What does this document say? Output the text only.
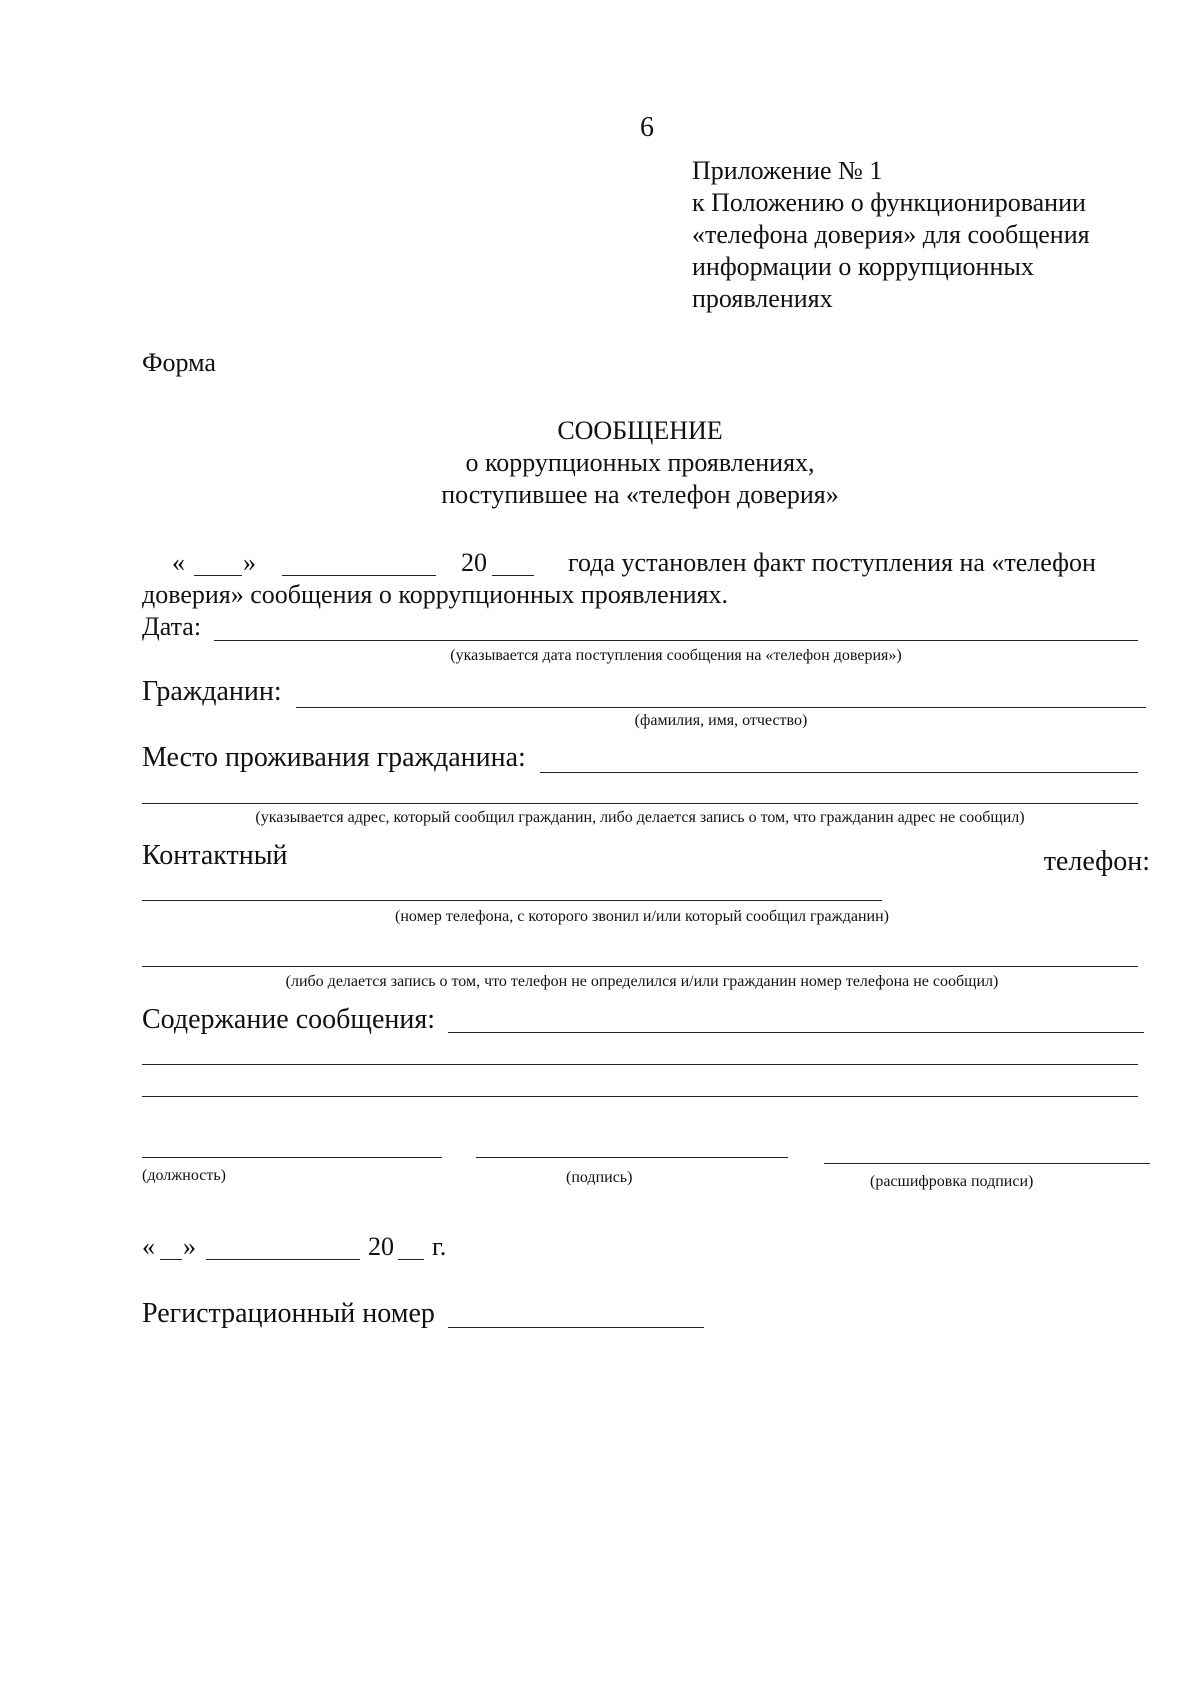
6
Приложение № 1
к Положению о функционировании
«телефона доверия» для сообщения
информации о коррупционных
проявлениях
Форма
СООБЩЕНИЕ
о коррупционных проявлениях,
поступившее на «телефон доверия»
« »	20	года установлен факт поступления на «телефон
доверия» сообщения о коррупционных проявлениях.
Дата:
(указывается дата поступления сообщения на «телефон доверия»)
Гражданин:
(фамилия, имя, отчество)
Место проживания гражданина:
(указывается адрес, который сообщил гражданин, либо делается запись о том, что гражданин адрес не сообщил)
Контактный	телефон:
(номер телефона, с которого звонил и/или который сообщил гражданин)
(либо делается запись о том, что телефон не определился и/или гражданин номер телефона не сообщил)
Содержание сообщения:
(должность)	(подпись)	(расшифровка подписи)
« »	20 г.
Регистрационный номер
